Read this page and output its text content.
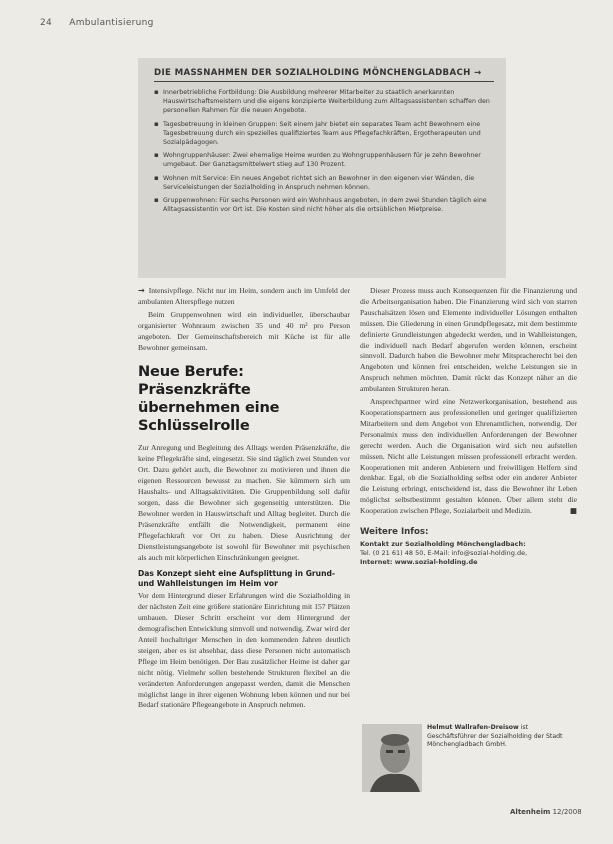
24 Ambulantisierung
DIE MASSNAHMEN DER SOZIALHOLDING MÖNCHENGLADBACH →
▪ Innerbetriebliche Fortbildung: Die Ausbildung mehrerer Mitarbeiter zu staatlich anerkannten Hauswirtschaftsmeistern und die eigens konzipierte Weiterbildung zum Alltagsassistenten schaffen den personellen Rahmen für die neuen Angebote.
▪ Tagesbetreuung in kleinen Gruppen: Seit einem Jahr bietet ein separates Team acht Bewohnern eine Tagesbetreuung durch ein spezielles qualifiziertes Team aus Pflegefachkräften, Ergotherapeuten und Sozialpädagogen.
▪ Wohngruppenhäuser: Zwei ehemalige Heime wurden zu Wohngruppenhäusern für je zehn Bewohner umgebaut. Der Ganztagsmittelwert stieg auf 130 Prozent.
▪ Wohnen mit Service: Ein neues Angebot richtet sich an Bewohner in den eigenen vier Wänden, die Serviceleistungen der Sozialholding in Anspruch nehmen können.
▪ Gruppenwohnen: Für sechs Personen wird ein Wohnhaus angeboten, in dem zwei Stunden täglich eine Alltagsassistentin vor Ort ist. Die Kosten sind nicht höher als die ortsüblichen Mietpreise.

→ Intensivpflege. Nicht nur im Heim, sondern auch im Umfeld der ambulanten Alterspflege nutzen

Beim Gruppenwohnen wird ein individueller, überschaubar organisierter Wohnraum zwischen 35 und 40 m² pro Person angeboten. Der Gemeinschaftsbereich mit Küche ist für alle Bewohner gemeinsam.

Neue Berufe: Präsenzkräfte
übernehmen eine Schlüsselrolle

Zur Anregung und Begleitung des Alltags werden Präsenzkräfte, die keine Pflegekräfte sind, eingesetzt. Sie sind täglich zwei Stunden vor Ort. Dazu gehört auch, die Bewohner zu motivieren und ihnen die eigenen Ressourcen bewusst zu machen. Sie kümmern sich um Haushalts- und Alltagsaktivitäten. Die Gruppenbildung soll dafür sorgen, dass die Bewohner sich gegenseitig unterstützen. Die Bewohner werden in Hauswirtschaft und Alltag begleitet. Durch die Präsenzkräfte entfällt die Notwendigkeit, permanent eine Pflegefachkraft vor Ort zu haben. Diese Ausrichtung der Dienstleistungsangebote ist sowohl für Bewohner mit psychischen als auch mit körperlichen Einschränkungen geeignet.

Das Konzept sieht eine Aufsplittung in Grund- und Wahlleistungen im Heim vor

Vor dem Hintergrund dieser Erfahrungen wird die Sozialholding in der nächsten Zeit eine größere stationäre Einrichtung mit 157 Plätzen umbauen. Dieser Schritt erscheint vor dem Hintergrund der demografischen Entwicklung sinnvoll und notwendig. Zwar wird der Anteil hochaltriger Menschen in den kommenden Jahren deutlich steigen, aber es ist absehbar, dass diese Personen nicht automatisch Pflege im Heim benötigen. Der Bau zusätzlicher Heime ist daher gar nicht nötig. Vielmehr sollen bestehende Strukturen flexibel an die veränderten Anforderungen angepasst werden, damit die Menschen möglichst lange in ihrer eigenen Wohnung leben können und nur bei Bedarf stationäre Pflegeangebote in Anspruch nehmen.

Dieser Prozess muss auch Konsequenzen für die Finanzierung und die Arbeitsorganisation haben. Die Finanzierung wird sich von starren Pauschalsätzen lösen und Elemente individueller Lösungen enthalten müssen. Die Gliederung in einen Grundpflegesatz, mit dem bestimmte definierte Grundleistungen abgedeckt werden, und in Wahlleistungen, die individuell nach Bedarf abgerufen werden können, erscheint sinnvoll. Dadurch haben die Bewohner mehr Mitspracherecht bei den Angeboten und können frei entscheiden, welche Leistungen sie in Anspruch nehmen möchten. Damit rückt das Konzept näher an die ambulanten Strukturen heran.

Ansprechpartner wird eine Netzwerkorganisation, bestehend aus Kooperationspartnern aus professionellen und geringer qualifizierten Mitarbeitern und dem Angebot von Ehrenamtlichen, notwendig. Der Personalmix muss den individuellen Anforderungen der Bewohner gerecht werden. Auch die Organisation wird sich neu aufstellen müssen. Nicht alle Leistungen müssen professionell erbracht werden. Kooperationen mit anderen Anbietern und freiwilligen Helfern sind denkbar. Egal, ob die Sozialholding selbst oder ein anderer Anbieter die Leistung erbringt, entscheidend ist, dass die Bewohner ihr Leben möglichst selbstbestimmt gestalten können. Über allem steht die Kooperation zwischen Pflege, Sozialarbeit und Medizin.	■

Weitere Infos:
Kontakt zur Sozialholding Mönchengladbach:
Tel. (0 21 61) 48 50, E-Mail: info@sozial-holding.de,
Internet: www.sozial-holding.de
Helmut Wallrafen-Dreisow ist Geschäftsführer der Sozialholding der Stadt Mönchengladbach GmbH.
Altenheim 12/2008
